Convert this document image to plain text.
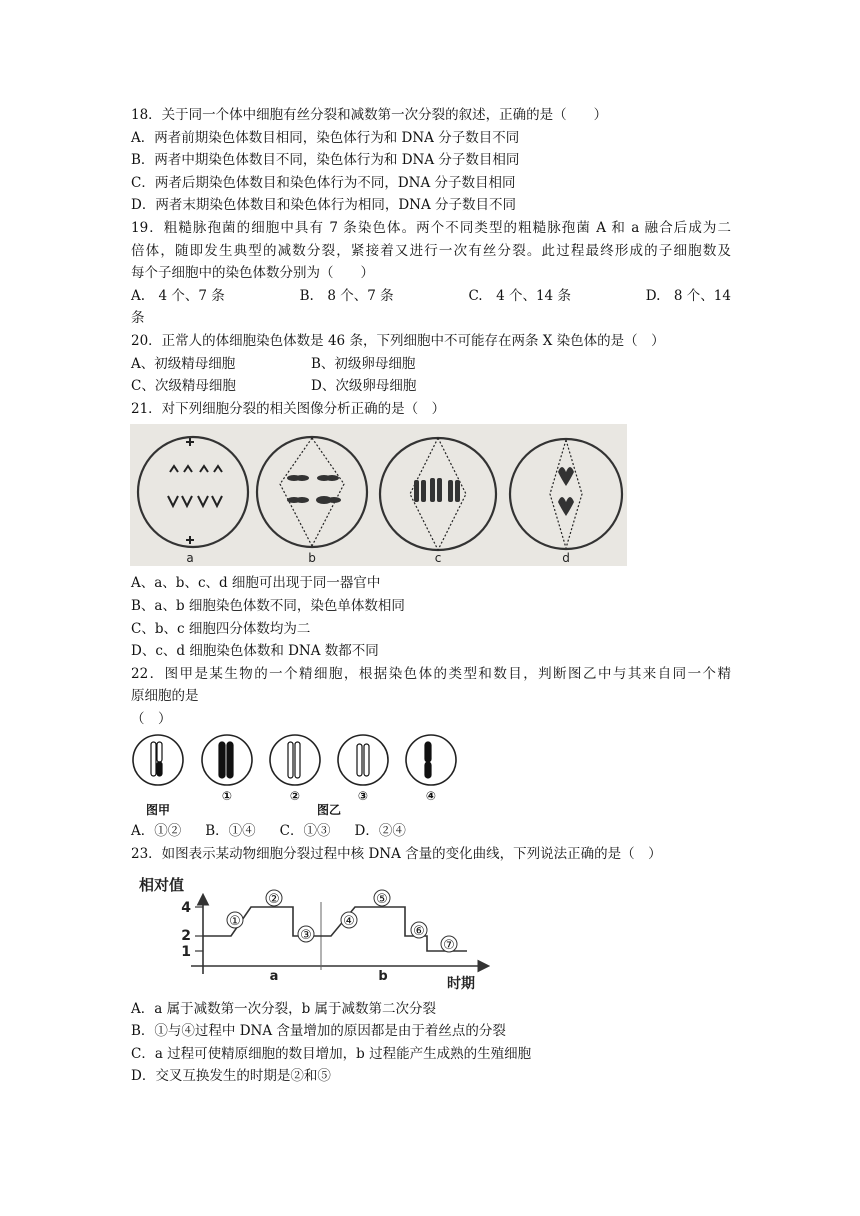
18．关于同一个体中细胞有丝分裂和减数第一次分裂的叙述，正确的是（　　）
A．两者前期染色体数目相同，染色体行为和 DNA 分子数目不同
B．两者中期染色体数目不同，染色体行为和 DNA 分子数目相同
C．两者后期染色体数目和染色体行为不同，DNA 分子数目相同
D．两者末期染色体数目和染色体行为相同，DNA 分子数目不同
19．粗糙脉孢菌的细胞中具有 7 条染色体。两个不同类型的粗糙脉孢菌 A 和 a 融合后成为二
倍体，随即发生典型的减数分裂，紧接着又进行一次有丝分裂。此过程最终形成的子细胞数及
每个子细胞中的染色体数分别为（　　）
A.　4 个、7 条	B.　8 个、7 条	C.　4 个、14 条	D.　8 个、14
条
20．正常人的体细胞染色体数是 46 条，下列细胞中不可能存在两条 X 染色体的是（　）
A、初级精母细胞	B、初级卵母细胞
C、次级精母细胞	D、次级卵母细胞
21．对下列细胞分裂的相关图像分析正确的是（　）
a	b	c	d
A、a、b、c、d 细胞可出现于同一器官中
B、a、b 细胞染色体数不同，染色单体数相同
C、b、c 细胞四分体数均为二
D、c、d 细胞染色体数和 DNA 数都不同
22．图甲是某生物的一个精细胞，根据染色体的类型和数目，判断图乙中与其来自同一个精
原细胞的是
（　）
图甲
①	②
图乙
③	④
A．①② B．①④ C．①③ D．②④
23．如图表示某动物细胞分裂过程中核 DNA 含量的变化曲线，下列说法正确的是（　）
相对值
4
2
1
a	b	时期
①
②
③
④
⑤
⑥
⑦
A．a 属于减数第一次分裂，b 属于减数第二次分裂
B．①与④过程中 DNA 含量增加的原因都是由于着丝点的分裂
C．a 过程可使精原细胞的数目增加，b 过程能产生成熟的生殖细胞
D．交叉互换发生的时期是②和⑤
